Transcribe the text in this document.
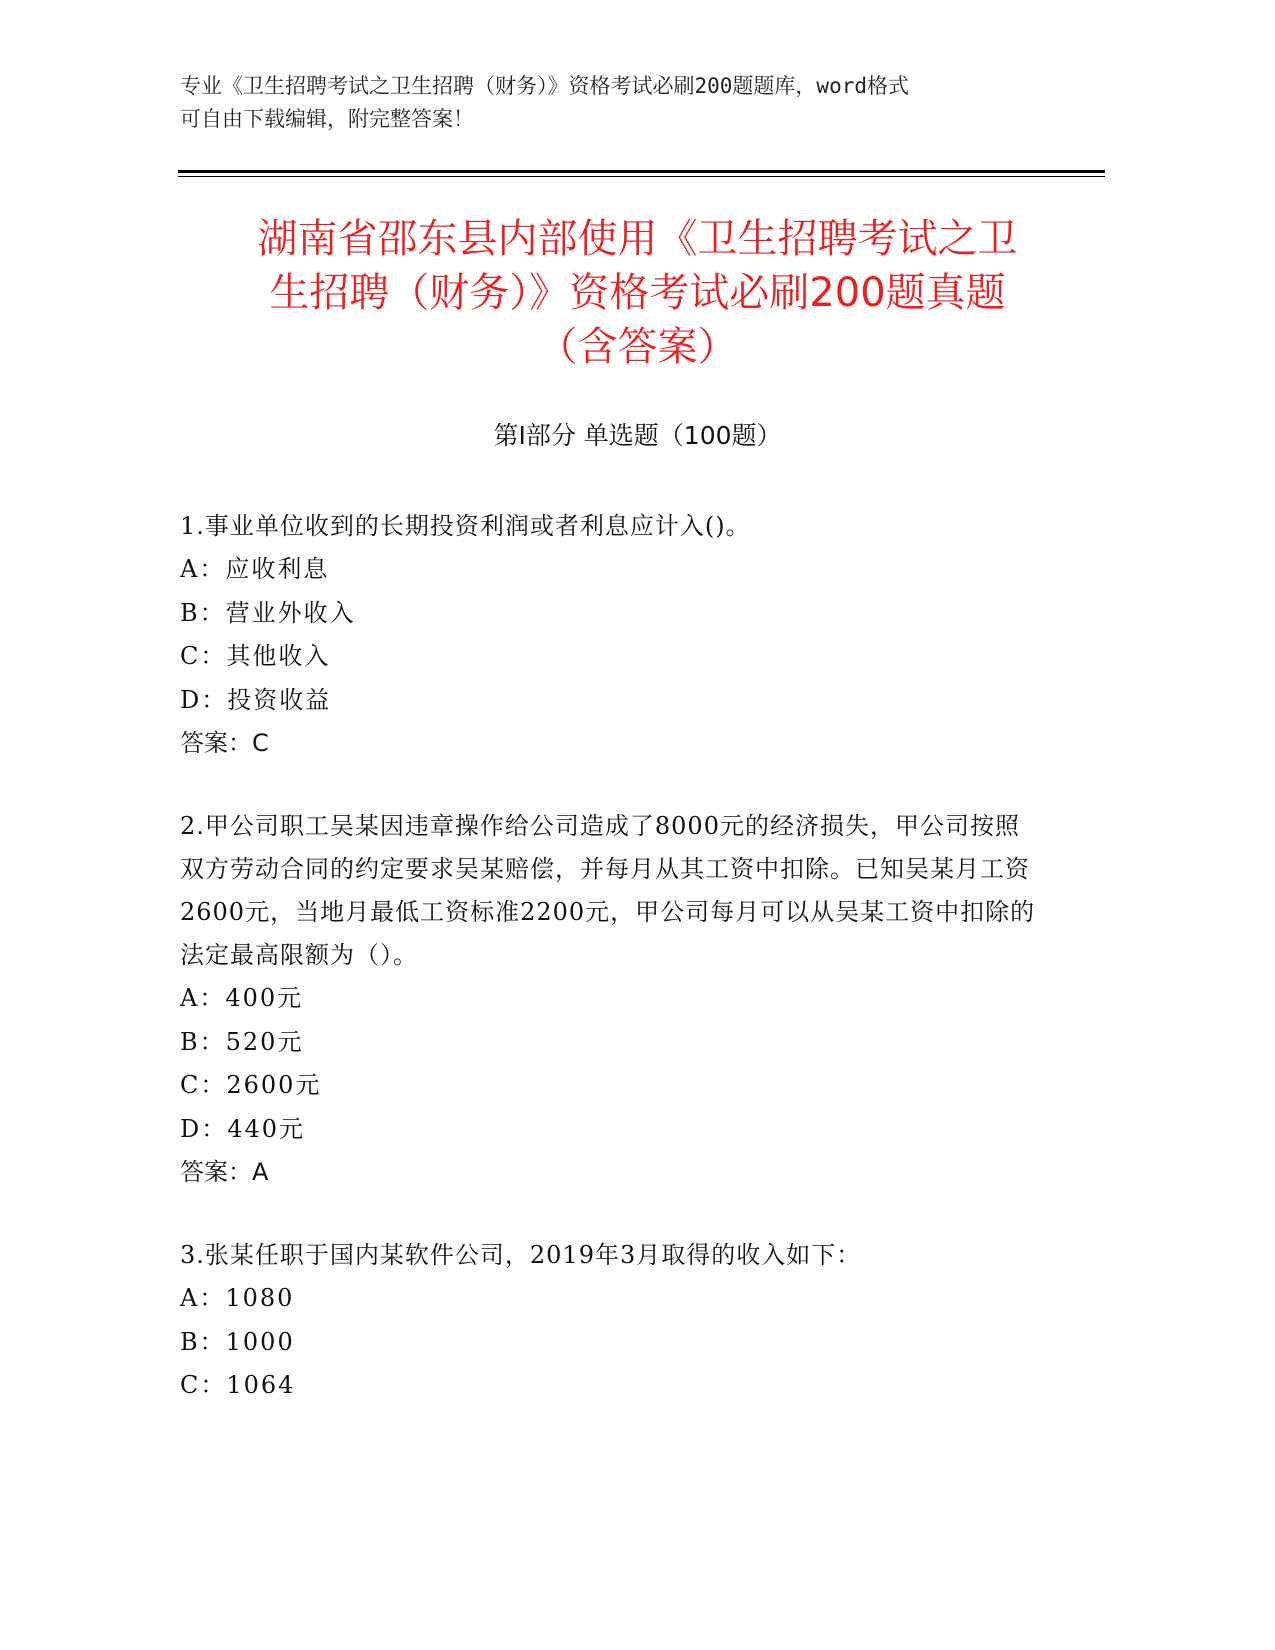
专业《卫生招聘考试之卫生招聘（财务）》资格考试必刷200题题库，word格式

可自由下载编辑，附完整答案！

湖南省邵东县内部使用《卫生招聘考试之卫
生招聘（财务）》资格考试必刷200题真题
（含答案）
第Ⅰ部分 单选题（100题）

1.事业单位收到的长期投资利润或者利息应计入()。

A：应收利息
B：营业外收入
C：其他收入
D：投资收益

答案：C

2.甲公司职工吴某因违章操作给公司造成了8000元的经济损失，甲公司按照双方劳动合同的约定要求吴某赔偿，并每月从其工资中扣除。已知吴某月工资2600元，当地月最低工资标准2200元，甲公司每月可以从吴某工资中扣除的法定最高限额为（）。

A：400元
B：520元
C：2600元
D：440元

答案：A

3.张某任职于国内某软件公司，2019年3月取得的收入如下：

A：1080
B：1000
C：1064
